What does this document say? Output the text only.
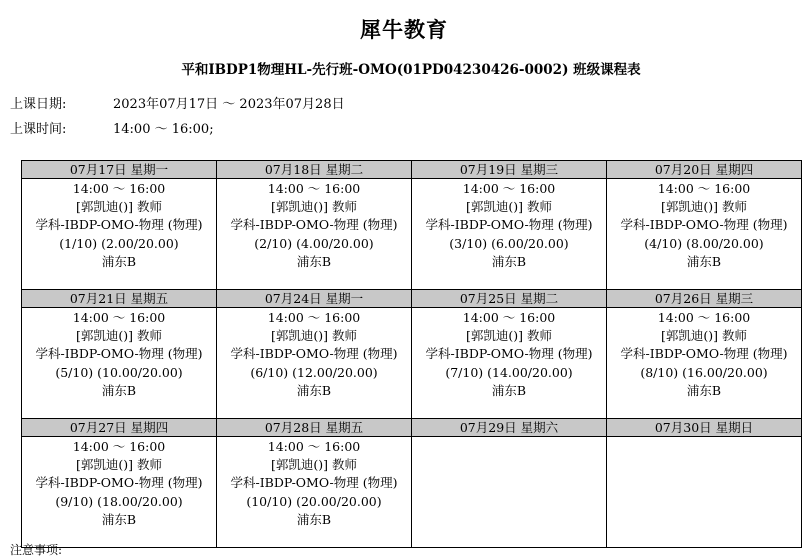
犀牛教育
平和IBDP1物理HL-先行班-OMO(01PD04230426-0002) 班级课程表
上课日期:	2023年07月17日 ～ 2023年07月28日
上课时间:	14:00 ～ 16:00;
07月17日 星期一	07月18日 星期二	07月19日 星期三	07月20日 星期四

14:00 ～ 16:00
[郭凯迪()] 教师
学科-IBDP-OMO-物理 (物理)
(1/10) (2.00/20.00)
浦东B	14:00 ～ 16:00
[郭凯迪()] 教师
学科-IBDP-OMO-物理 (物理)
(2/10) (4.00/20.00)
浦东B	14:00 ～ 16:00
[郭凯迪()] 教师
学科-IBDP-OMO-物理 (物理)
(3/10) (6.00/20.00)
浦东B	14:00 ～ 16:00
[郭凯迪()] 教师
学科-IBDP-OMO-物理 (物理)
(4/10) (8.00/20.00)
浦东B

07月21日 星期五	07月24日 星期一	07月25日 星期二	07月26日 星期三

14:00 ～ 16:00
[郭凯迪()] 教师
学科-IBDP-OMO-物理 (物理)
(5/10) (10.00/20.00)
浦东B	14:00 ～ 16:00
[郭凯迪()] 教师
学科-IBDP-OMO-物理 (物理)
(6/10) (12.00/20.00)
浦东B	14:00 ～ 16:00
[郭凯迪()] 教师
学科-IBDP-OMO-物理 (物理)
(7/10) (14.00/20.00)
浦东B	14:00 ～ 16:00
[郭凯迪()] 教师
学科-IBDP-OMO-物理 (物理)
(8/10) (16.00/20.00)
浦东B

07月27日 星期四	07月28日 星期五	07月29日 星期六	07月30日 星期日

14:00 ～ 16:00
[郭凯迪()] 教师
学科-IBDP-OMO-物理 (物理)
(9/10) (18.00/20.00)
浦东B	14:00 ～ 16:00
[郭凯迪()] 教师
学科-IBDP-OMO-物理 (物理)
(10/10) (20.00/20.00)
浦东B		

注意事项:
